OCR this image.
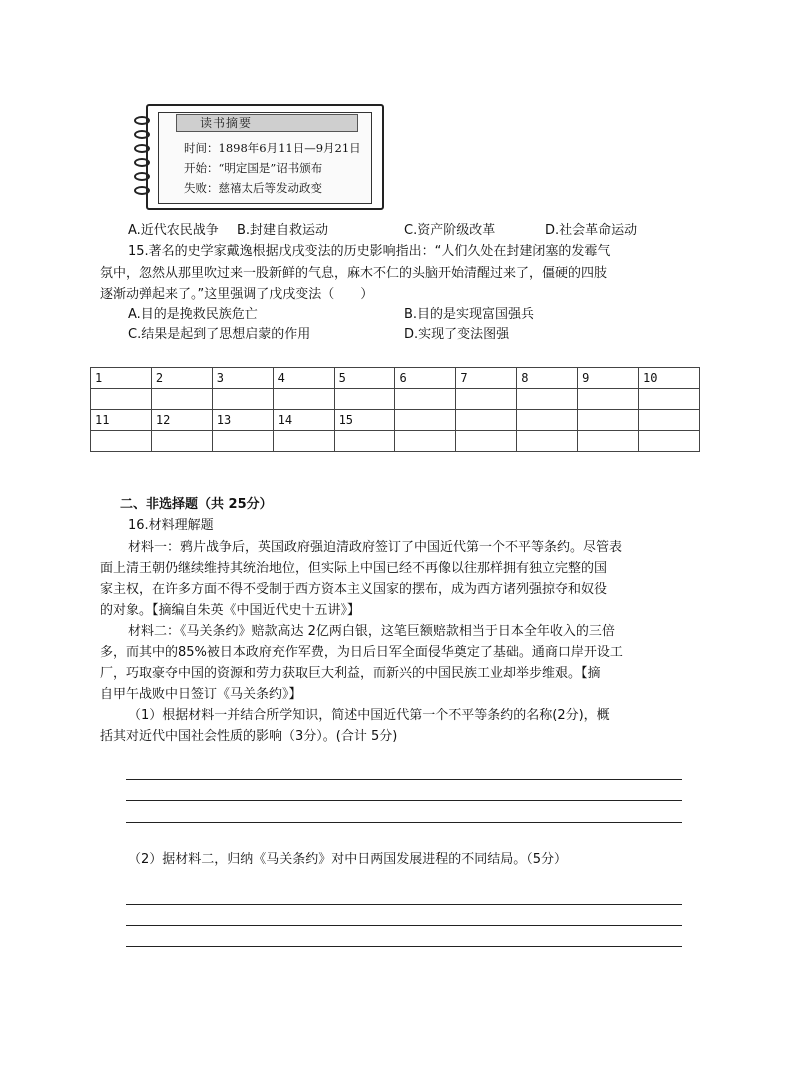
读书摘要
时间：1898年6月11日—9月21日
开始：“明定国是”诏书颁布
失败：慈禧太后等发动政变
A.近代农民战争 B.封建自救运动	C.资产阶级改革	D.社会革命运动
15.著名的史学家戴逸根据戊戌变法的历史影响指出：“人们久处在封建闭塞的发霉气
氛中，忽然从那里吹过来一股新鲜的气息，麻木不仁的头脑开始清醒过来了，僵硬的四肢
逐渐动弹起来了。”这里强调了戊戌变法（　　）
A.目的是挽救民族危亡	B.目的是实现富国强兵
C.结果是起到了思想启蒙的作用	D.实现了变法图强
1	2	3	4	5	6	7	8	9	10

11	12	13	14	15					

二、非选择题（共 25分）
16.材料理解题
材料一：鸦片战争后，英国政府强迫清政府签订了中国近代第一个不平等条约。尽管表
面上清王朝仍继续维持其统治地位，但实际上中国已经不再像以往那样拥有独立完整的国
家主权，在许多方面不得不受制于西方资本主义国家的摆布，成为西方诸列强掠夺和奴役
的对象。【摘编自朱英《中国近代史十五讲》】
材料二：《马关条约》赔款高达 2亿两白银，这笔巨额赔款相当于日本全年收入的三倍
多，而其中的85%被日本政府充作军费，为日后日军全面侵华奠定了基础。通商口岸开设工
厂，巧取豪夺中国的资源和劳力获取巨大利益，而新兴的中国民族工业却举步维艰。【摘
自甲午战败中日签订《马关条约》】
（1）根据材料一并结合所学知识，简述中国近代第一个不平等条约的名称(2分)，概
括其对近代中国社会性质的影响（3分）。(合计 5分)
（2）据材料二，归纳《马关条约》对中日两国发展进程的不同结局。（5分）
